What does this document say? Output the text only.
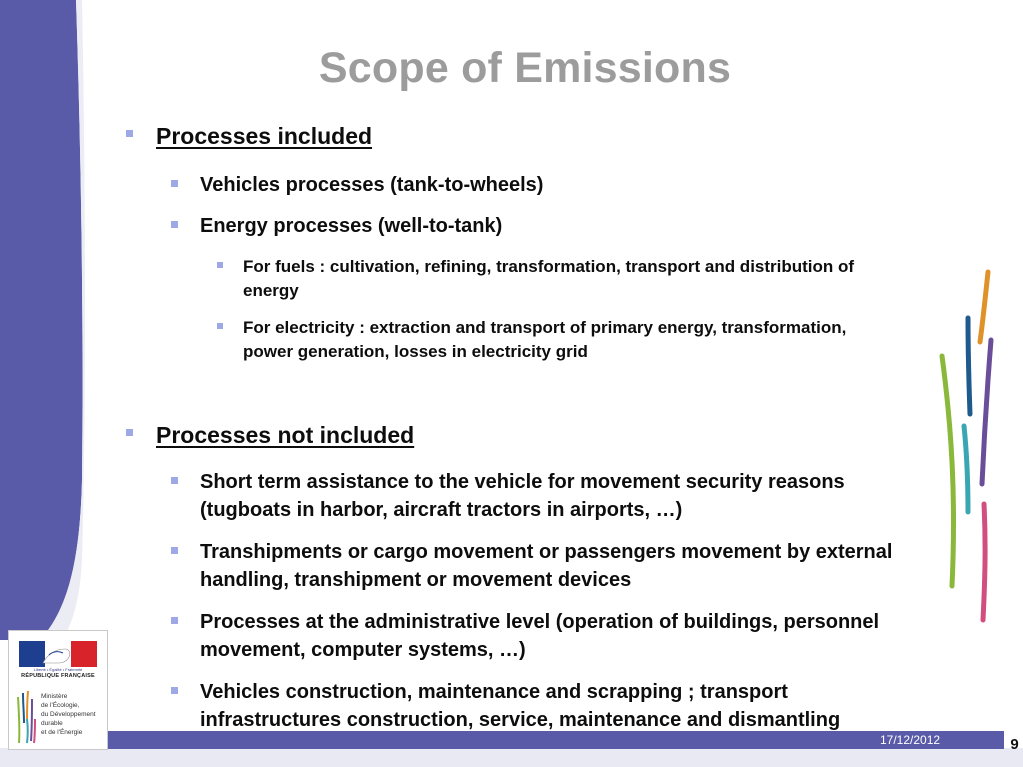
Scope of Emissions
Processes included
Vehicles processes (tank-to-wheels)
Energy processes (well-to-tank)
For fuels : cultivation, refining, transformation, transport and distribution of energy
For electricity : extraction and transport of primary energy, transformation, power generation, losses in electricity grid
Processes not included
Short term assistance to the vehicle for movement security reasons (tugboats in harbor, aircraft tractors in airports, …)
Transhipments or cargo movement or passengers movement by external handling, transhipment or movement devices
Processes at the administrative level (operation of buildings, personnel movement, computer systems, …)
17/12/2012	9
Vehicles construction, maintenance and scrapping ; transport infrastructures construction, service, maintenance and dismantling
Liberté • Égalité • Fraternité
RÉPUBLIQUE FRANÇAISE
Ministère
de l'Écologie,
du Développement
durable
et de l'Énergie
